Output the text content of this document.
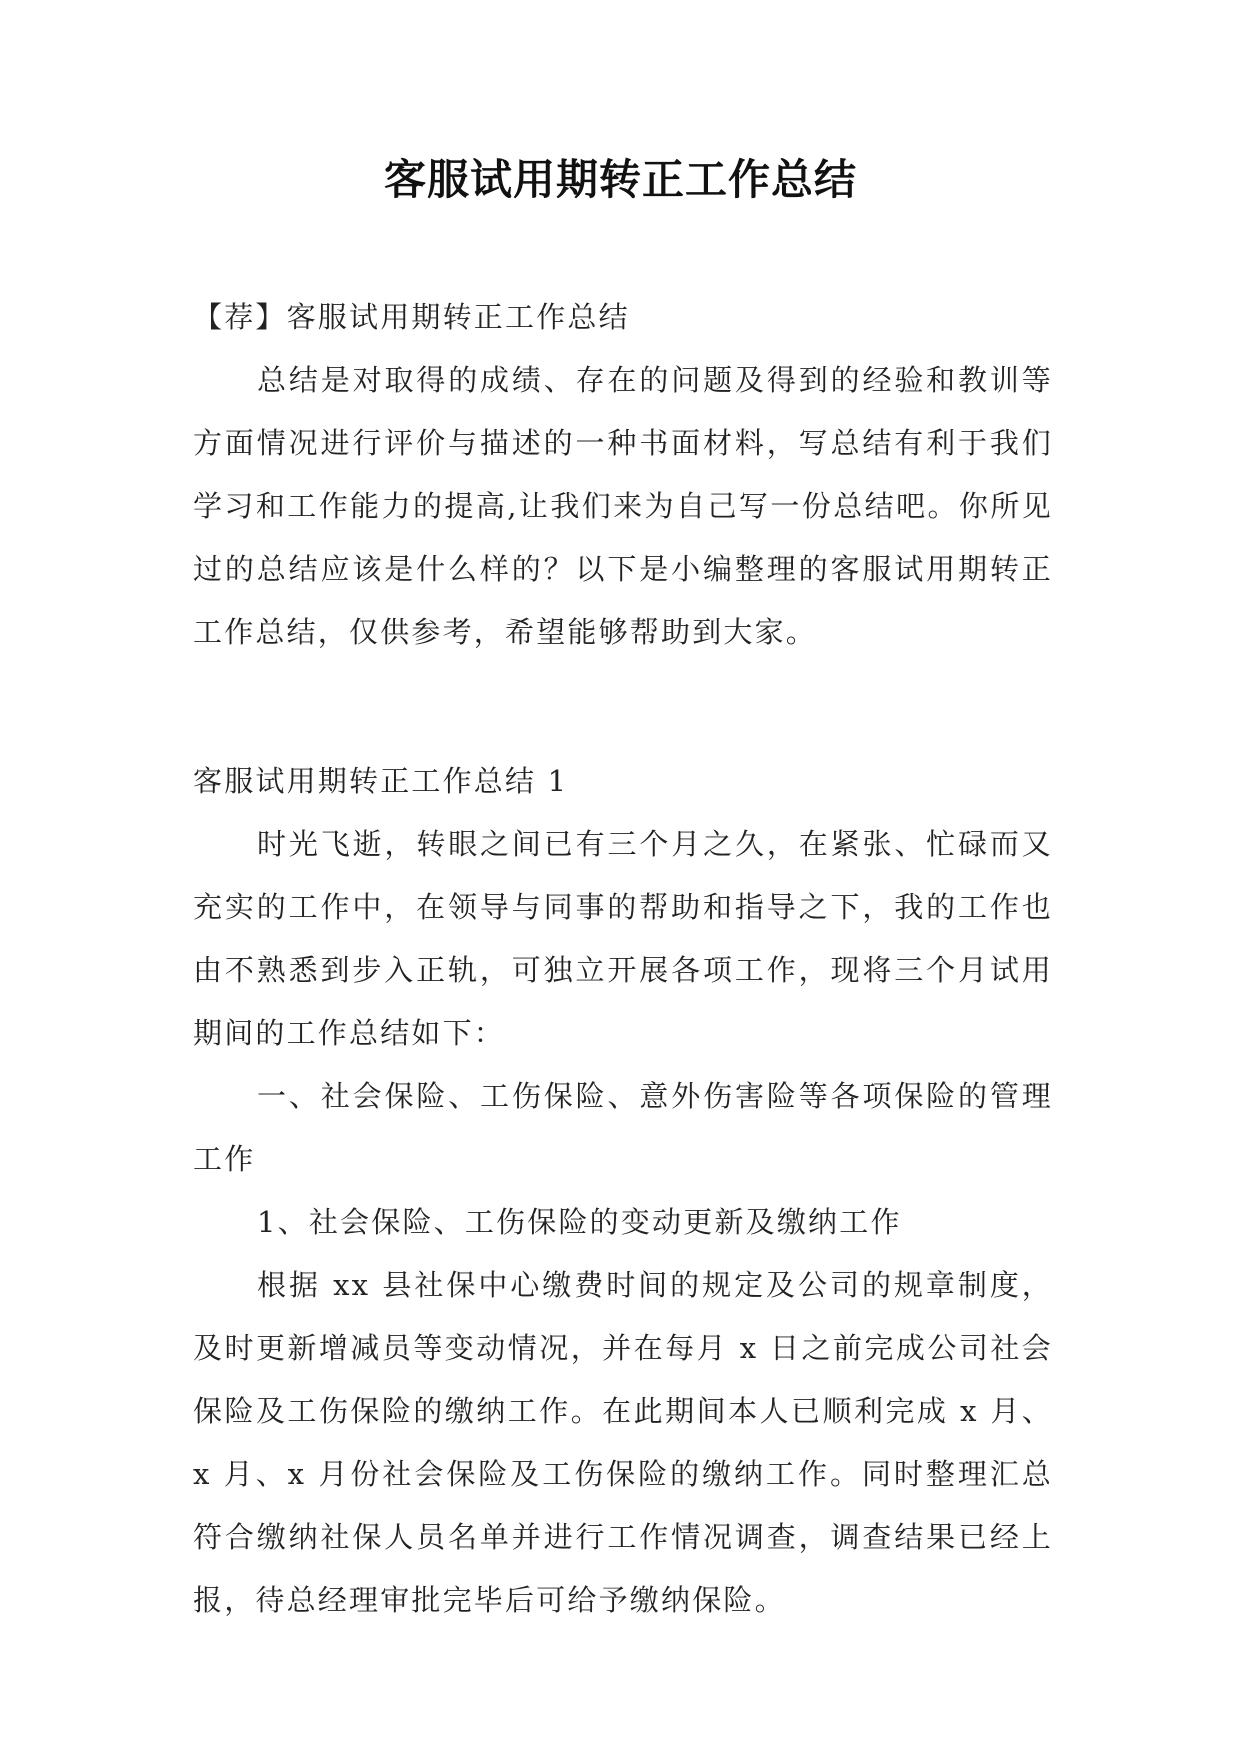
客服试用期转正工作总结

【荐】客服试用期转正工作总结

总结是对取得的成绩、存在的问题及得到的经验和教训等方面情况进行评价与描述的一种书面材料，写总结有利于我们学习和工作能力的提高,让我们来为自己写一份总结吧。你所见过的总结应该是什么样的？以下是小编整理的客服试用期转正工作总结，仅供参考，希望能够帮助到大家。

客服试用期转正工作总结 1

时光飞逝，转眼之间已有三个月之久，在紧张、忙碌而又充实的工作中，在领导与同事的帮助和指导之下，我的工作也由不熟悉到步入正轨，可独立开展各项工作，现将三个月试用期间的工作总结如下：

一、社会保险、工伤保险、意外伤害险等各项保险的管理工作

1、社会保险、工伤保险的变动更新及缴纳工作

根据 xx 县社保中心缴费时间的规定及公司的规章制度，及时更新增减员等变动情况，并在每月 x 日之前完成公司社会保险及工伤保险的缴纳工作。在此期间本人已顺利完成 x 月、x 月、x 月份社会保险及工伤保险的缴纳工作。同时整理汇总符合缴纳社保人员名单并进行工作情况调查，调查结果已经上报，待总经理审批完毕后可给予缴纳保险。
